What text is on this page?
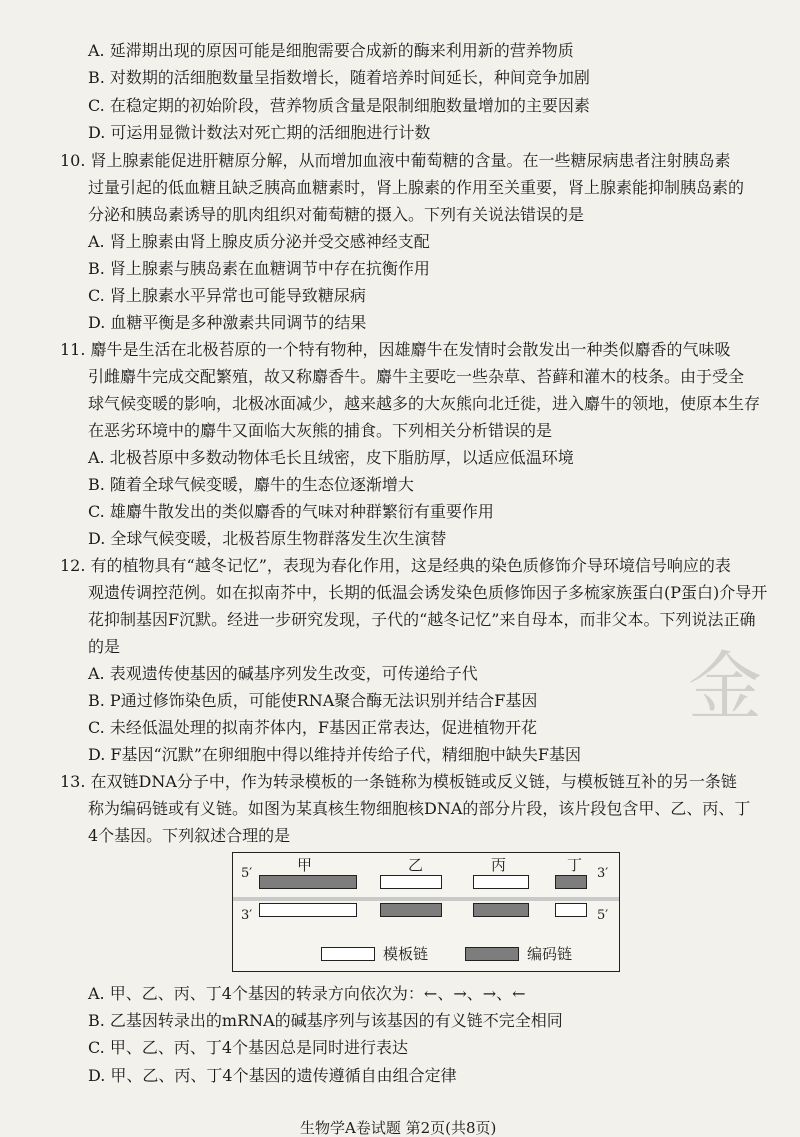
A. 延滞期出现的原因可能是细胞需要合成新的酶来利用新的营养物质
B. 对数期的活细胞数量呈指数增长，随着培养时间延长，种间竞争加剧
C. 在稳定期的初始阶段，营养物质含量是限制细胞数量增加的主要因素
D. 可运用显微计数法对死亡期的活细胞进行计数
10. 肾上腺素能促进肝糖原分解，从而增加血液中葡萄糖的含量。在一些糖尿病患者注射胰岛素
过量引起的低血糖且缺乏胰高血糖素时，肾上腺素的作用至关重要，肾上腺素能抑制胰岛素的
分泌和胰岛素诱导的肌肉组织对葡萄糖的摄入。下列有关说法错误的是
A. 肾上腺素由肾上腺皮质分泌并受交感神经支配
B. 肾上腺素与胰岛素在血糖调节中存在抗衡作用
C. 肾上腺素水平异常也可能导致糖尿病
D. 血糖平衡是多种激素共同调节的结果
11. 麝牛是生活在北极苔原的一个特有物种，因雄麝牛在发情时会散发出一种类似麝香的气味吸
引雌麝牛完成交配繁殖，故又称麝香牛。麝牛主要吃一些杂草、苔藓和灌木的枝条。由于受全
球气候变暖的影响，北极冰面减少，越来越多的大灰熊向北迁徙，进入麝牛的领地，使原本生存
在恶劣环境中的麝牛又面临大灰熊的捕食。下列相关分析错误的是
A. 北极苔原中多数动物体毛长且绒密，皮下脂肪厚，以适应低温环境
B. 随着全球气候变暖，麝牛的生态位逐渐增大
C. 雄麝牛散发出的类似麝香的气味对种群繁衍有重要作用
D. 全球气候变暖，北极苔原生物群落发生次生演替
12. 有的植物具有“越冬记忆”，表现为春化作用，这是经典的染色质修饰介导环境信号响应的表
观遗传调控范例。如在拟南芥中，长期的低温会诱发染色质修饰因子多梳家族蛋白(P蛋白)介导开
花抑制基因F沉默。经进一步研究发现，子代的“越冬记忆”来自母本，而非父本。下列说法正确
的是
A. 表观遗传使基因的碱基序列发生改变，可传递给子代
B. P通过修饰染色质，可能使RNA聚合酶无法识别并结合F基因
C. 未经低温处理的拟南芥体内，F基因正常表达，促进植物开花
D. F基因“沉默”在卵细胞中得以维持并传给子代，精细胞中缺失F基因
金
13. 在双链DNA分子中，作为转录模板的一条链称为模板链或反义链，与模板链互补的另一条链
称为编码链或有义链。如图为某真核生物细胞核DNA的部分片段，该片段包含甲、乙、丙、丁
4个基因。下列叙述合理的是
5′
3′
3′
5′
甲	乙	丙	丁
模板链	编码链
A. 甲、乙、丙、丁4个基因的转录方向依次为：←、→、→、←
B. 乙基因转录出的mRNA的碱基序列与该基因的有义链不完全相同
C. 甲、乙、丙、丁4个基因总是同时进行表达
D. 甲、乙、丙、丁4个基因的遗传遵循自由组合定律
生物学A卷试题 第2页(共8页)
